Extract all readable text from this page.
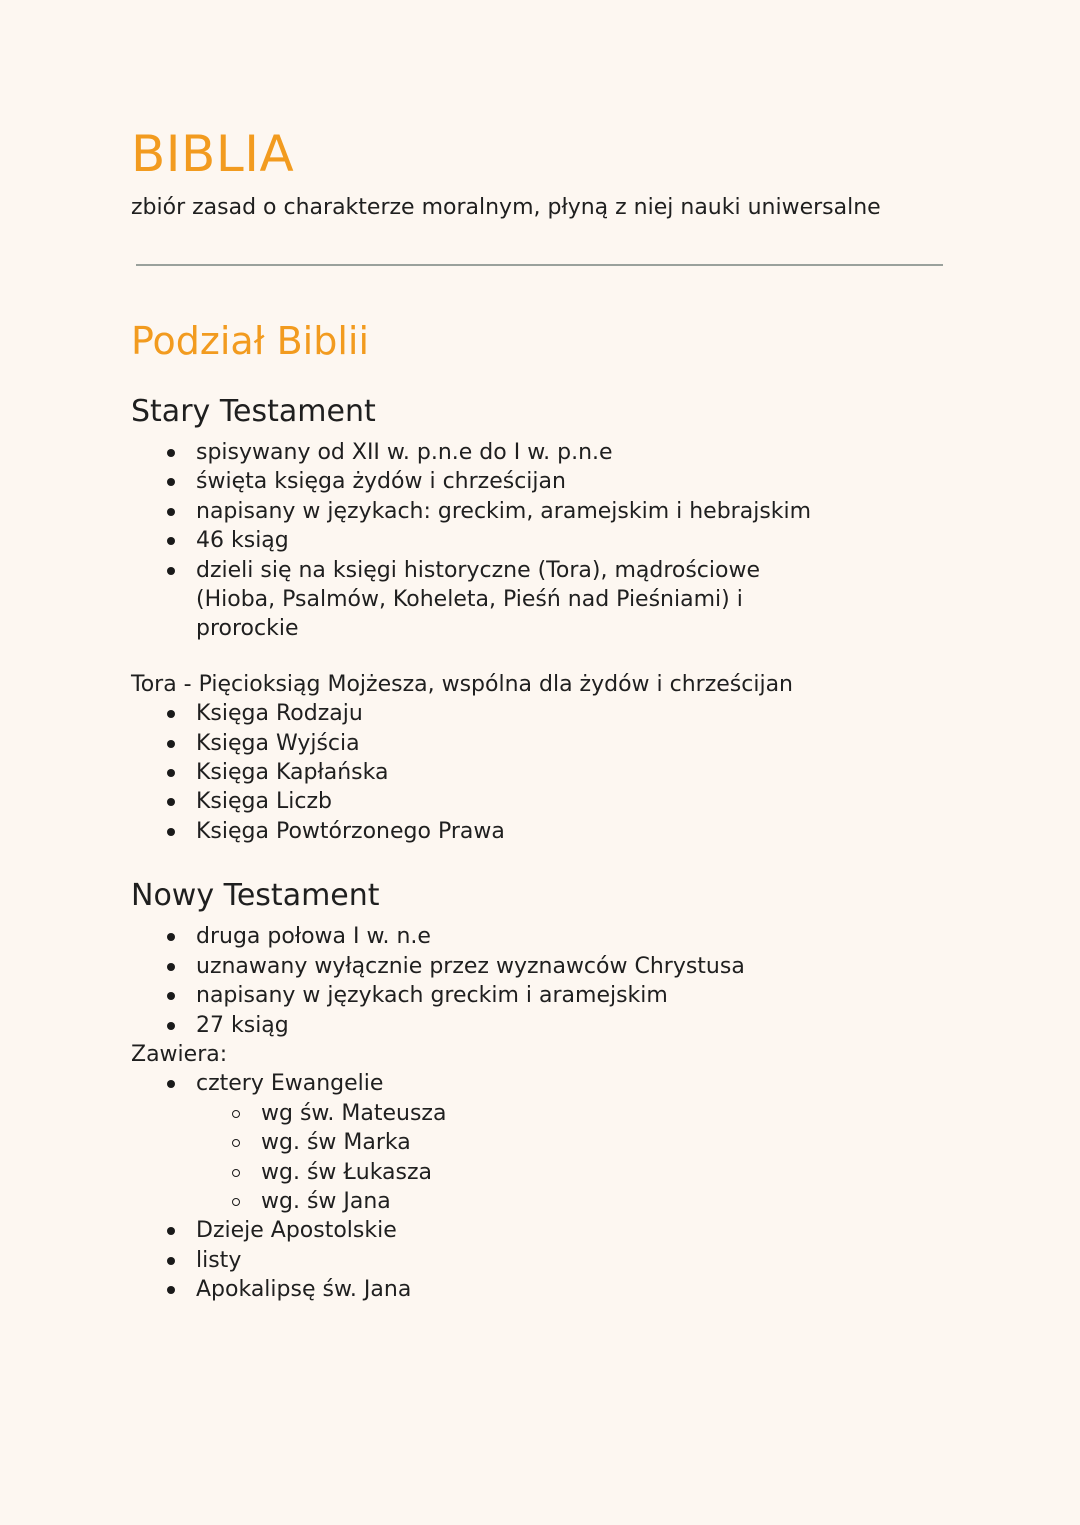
BIBLIA

zbiór zasad o charakterze moralnym, płyną z niej nauki uniwersalne

Podział Biblii
Stary Testament
spisywany od XII w. p.n.e do I w. p.n.e
święta księga żydów i chrześcijan
napisany w językach: greckim, aramejskim i hebrajskim
46 ksiąg
dzieli się na księgi historyczne (Tora), mądrościowe (Hioba, Psalmów, Koheleta, Pieśń nad Pieśniami) i prorockie
Tora - Pięcioksiąg Mojżesza, wspólna dla żydów i chrześcijan
Księga Rodzaju
Księga Wyjścia
Księga Kapłańska
Księga Liczb
Księga Powtórzonego Prawa
Nowy Testament
druga połowa I w. n.e
uznawany wyłącznie przez wyznawców Chrystusa
napisany w językach greckim i aramejskim
27 ksiąg
Zawiera:
cztery Ewangelie
wg św. Mateusza
wg. św Marka
wg. św Łukasza
wg. św Jana
Dzieje Apostolskie
listy
Apokalipsę św. Jana
